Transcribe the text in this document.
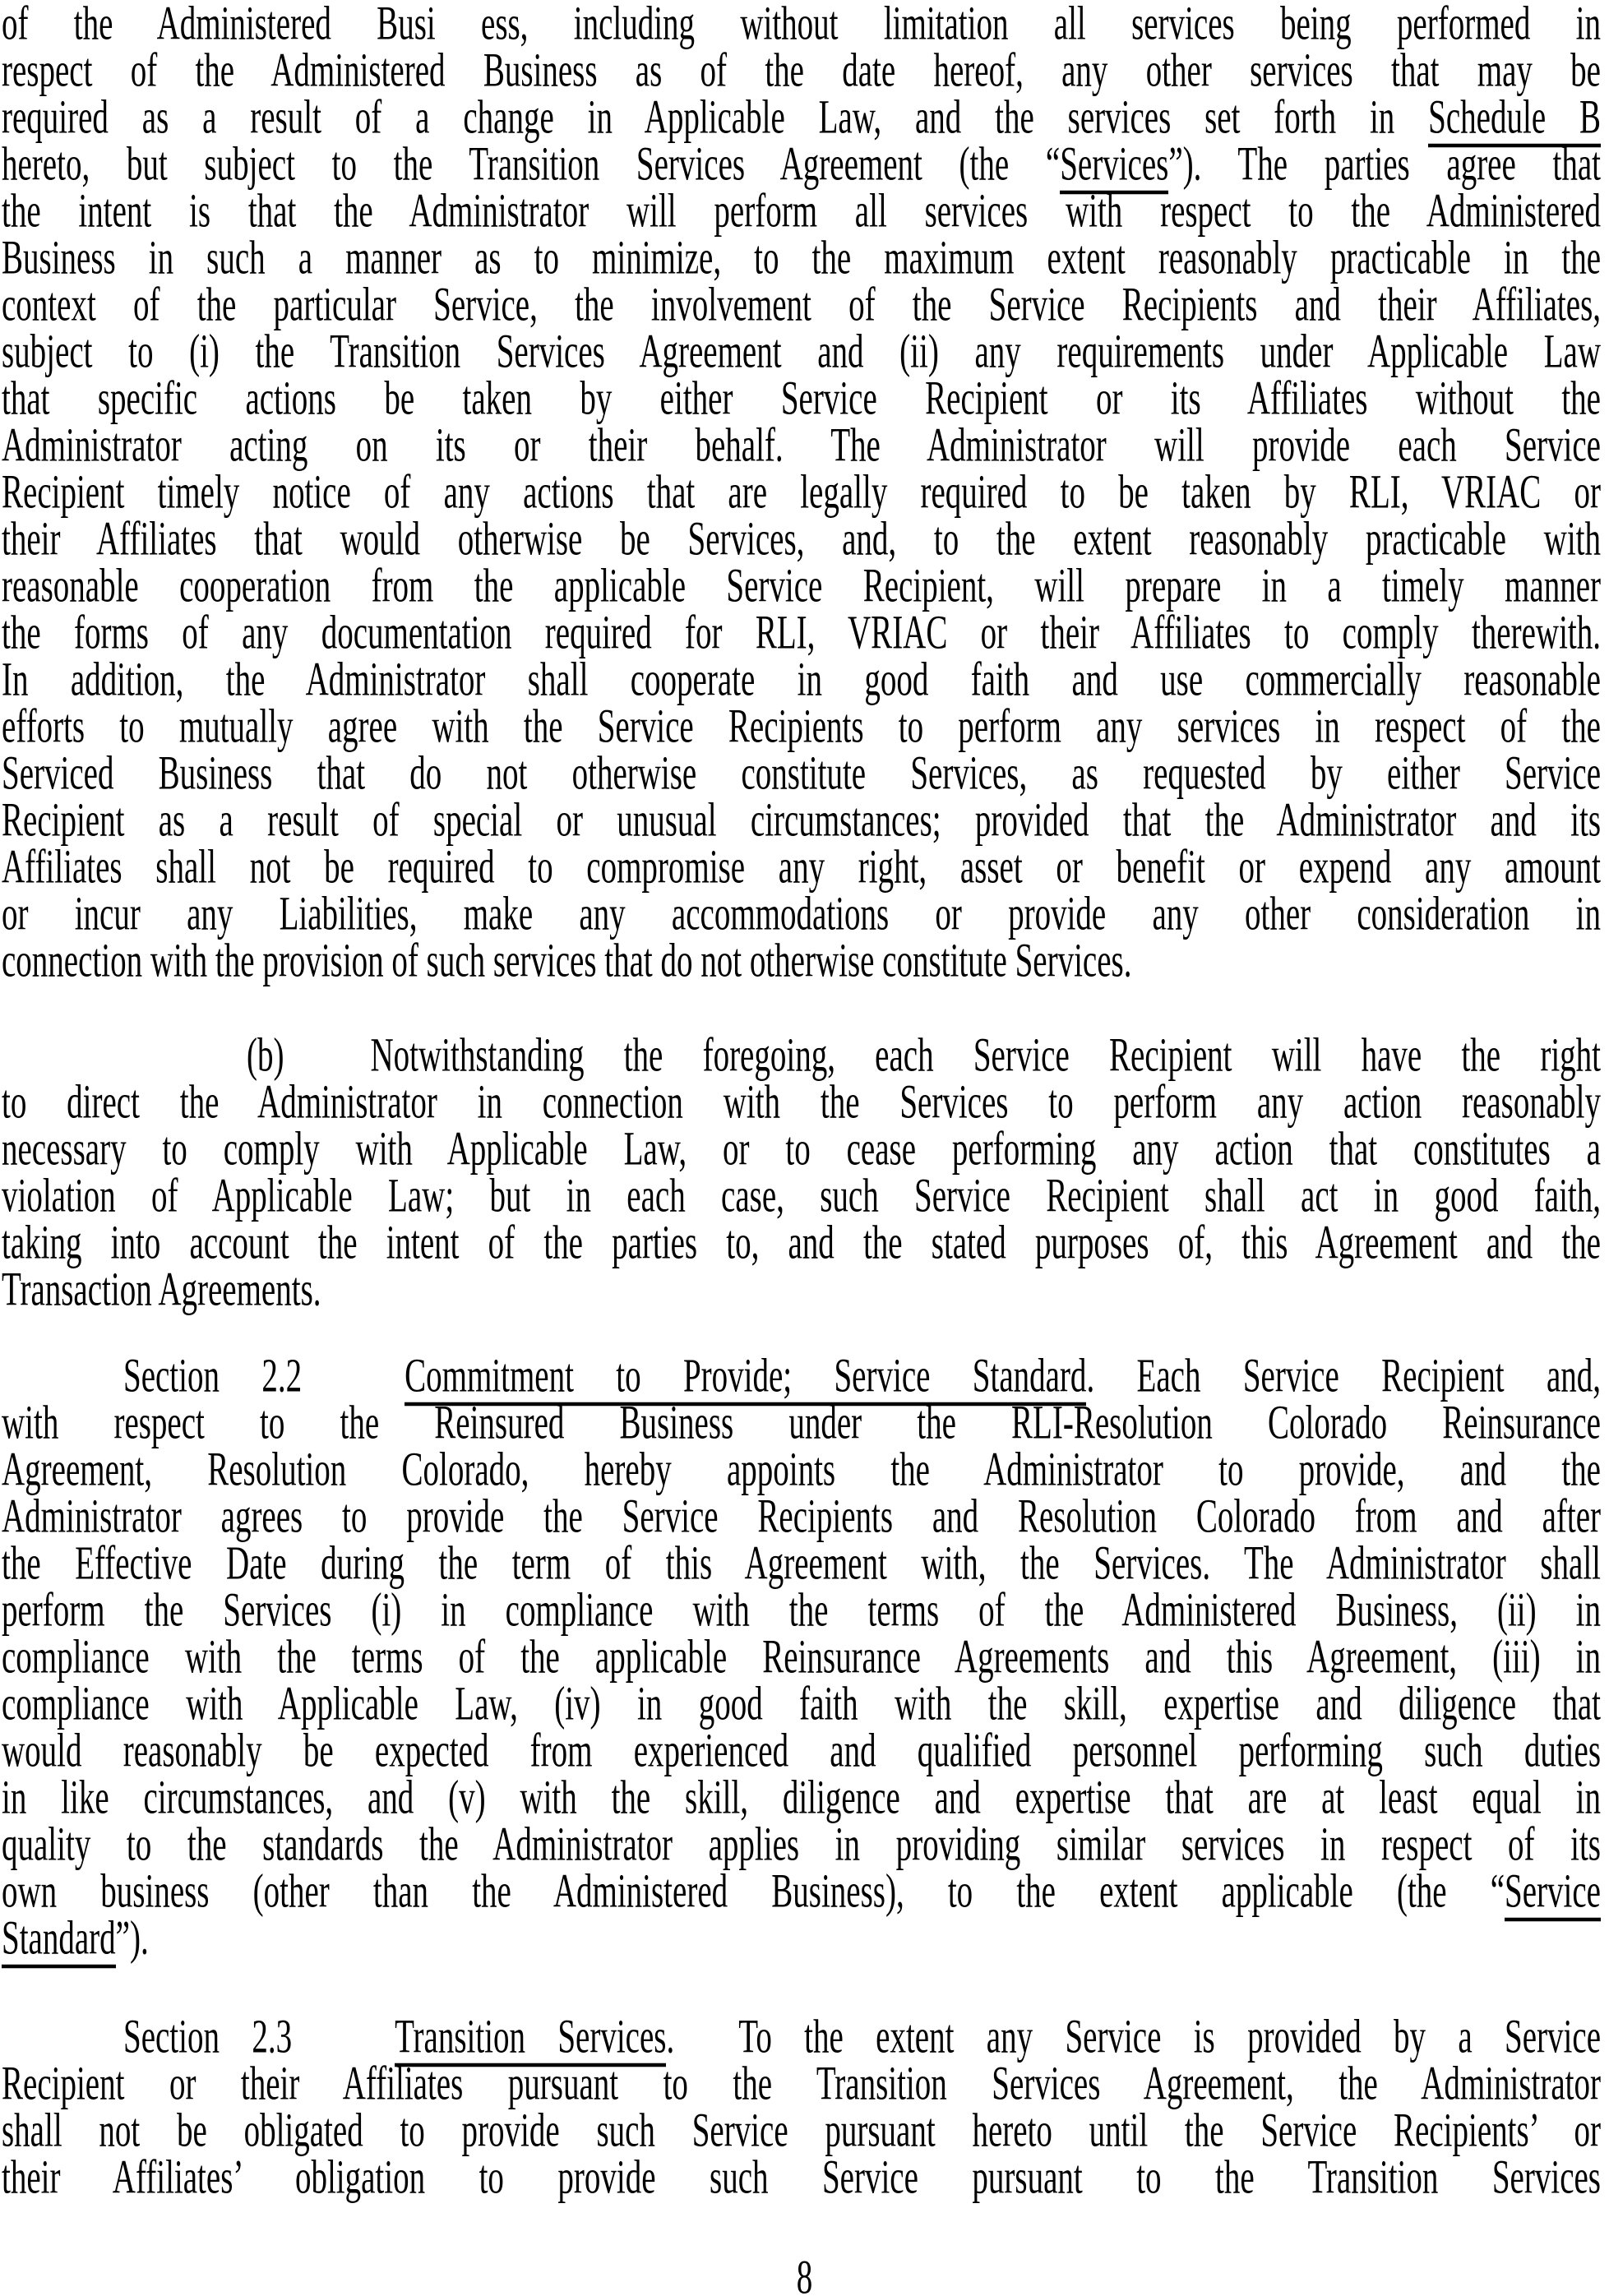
of the Administered Busi ess, including without limitation all services being performed in
respect of the Administered Business as of the date hereof, any other services that may be
required as a result of a change in Applicable Law, and the services set forth in Schedule B
hereto, but subject to the Transition Services Agreement (the “Services”). The parties agree that
the intent is that the Administrator will perform all services with respect to the Administered
Business in such a manner as to minimize, to the maximum extent reasonably practicable in the
context of the particular Service, the involvement of the Service Recipients and their Affiliates,
subject to (i) the Transition Services Agreement and (ii) any requirements under Applicable Law
that specific actions be taken by either Service Recipient or its Affiliates without the
Administrator acting on its or their behalf. The Administrator will provide each Service
Recipient timely notice of any actions that are legally required to be taken by RLI, VRIAC or
their Affiliates that would otherwise be Services, and, to the extent reasonably practicable with
reasonable cooperation from the applicable Service Recipient, will prepare in a timely manner
the forms of any documentation required for RLI, VRIAC or their Affiliates to comply therewith.
In addition, the Administrator shall cooperate in good faith and use commercially reasonable
efforts to mutually agree with the Service Recipients to perform any services in respect of the
Serviced Business that do not otherwise constitute Services, as requested by either Service
Recipient as a result of special or unusual circumstances; provided that the Administrator and its
Affiliates shall not be required to compromise any right, asset or benefit or expend any amount
or incur any Liabilities, make any accommodations or provide any other consideration in
connection with the provision of such services that do not otherwise constitute Services.
(b)	Notwithstanding the foregoing, each Service Recipient will have the right
to direct the Administrator in connection with the Services to perform any action reasonably
necessary to comply with Applicable Law, or to cease performing any action that constitutes a
violation of Applicable Law; but in each case, such Service Recipient shall act in good faith,
taking into account the intent of the parties to, and the stated purposes of, this Agreement and the
Transaction Agreements.
Section 2.2	Commitment to Provide; Service Standard. Each Service Recipient and,
with respect to the Reinsured Business under the RLI-Resolution Colorado Reinsurance
Agreement, Resolution Colorado, hereby appoints the Administrator to provide, and the
Administrator agrees to provide the Service Recipients and Resolution Colorado from and after
the Effective Date during the term of this Agreement with, the Services. The Administrator shall
perform the Services (i) in compliance with the terms of the Administered Business, (ii) in
compliance with the terms of the applicable Reinsurance Agreements and this Agreement, (iii) in
compliance with Applicable Law, (iv) in good faith with the skill, expertise and diligence that
would reasonably be expected from experienced and qualified personnel performing such duties
in like circumstances, and (v) with the skill, diligence and expertise that are at least equal in
quality to the standards the Administrator applies in providing similar services in respect of its
own business (other than the Administered Business), to the extent applicable (the “Service
Standard”).
Section 2.3	Transition Services.  To the extent any Service is provided by a Service
Recipient or their Affiliates pursuant to the Transition Services Agreement, the Administrator
shall not be obligated to provide such Service pursuant hereto until the Service Recipients’ or
their Affiliates’ obligation to provide such Service pursuant to the Transition Services
8
